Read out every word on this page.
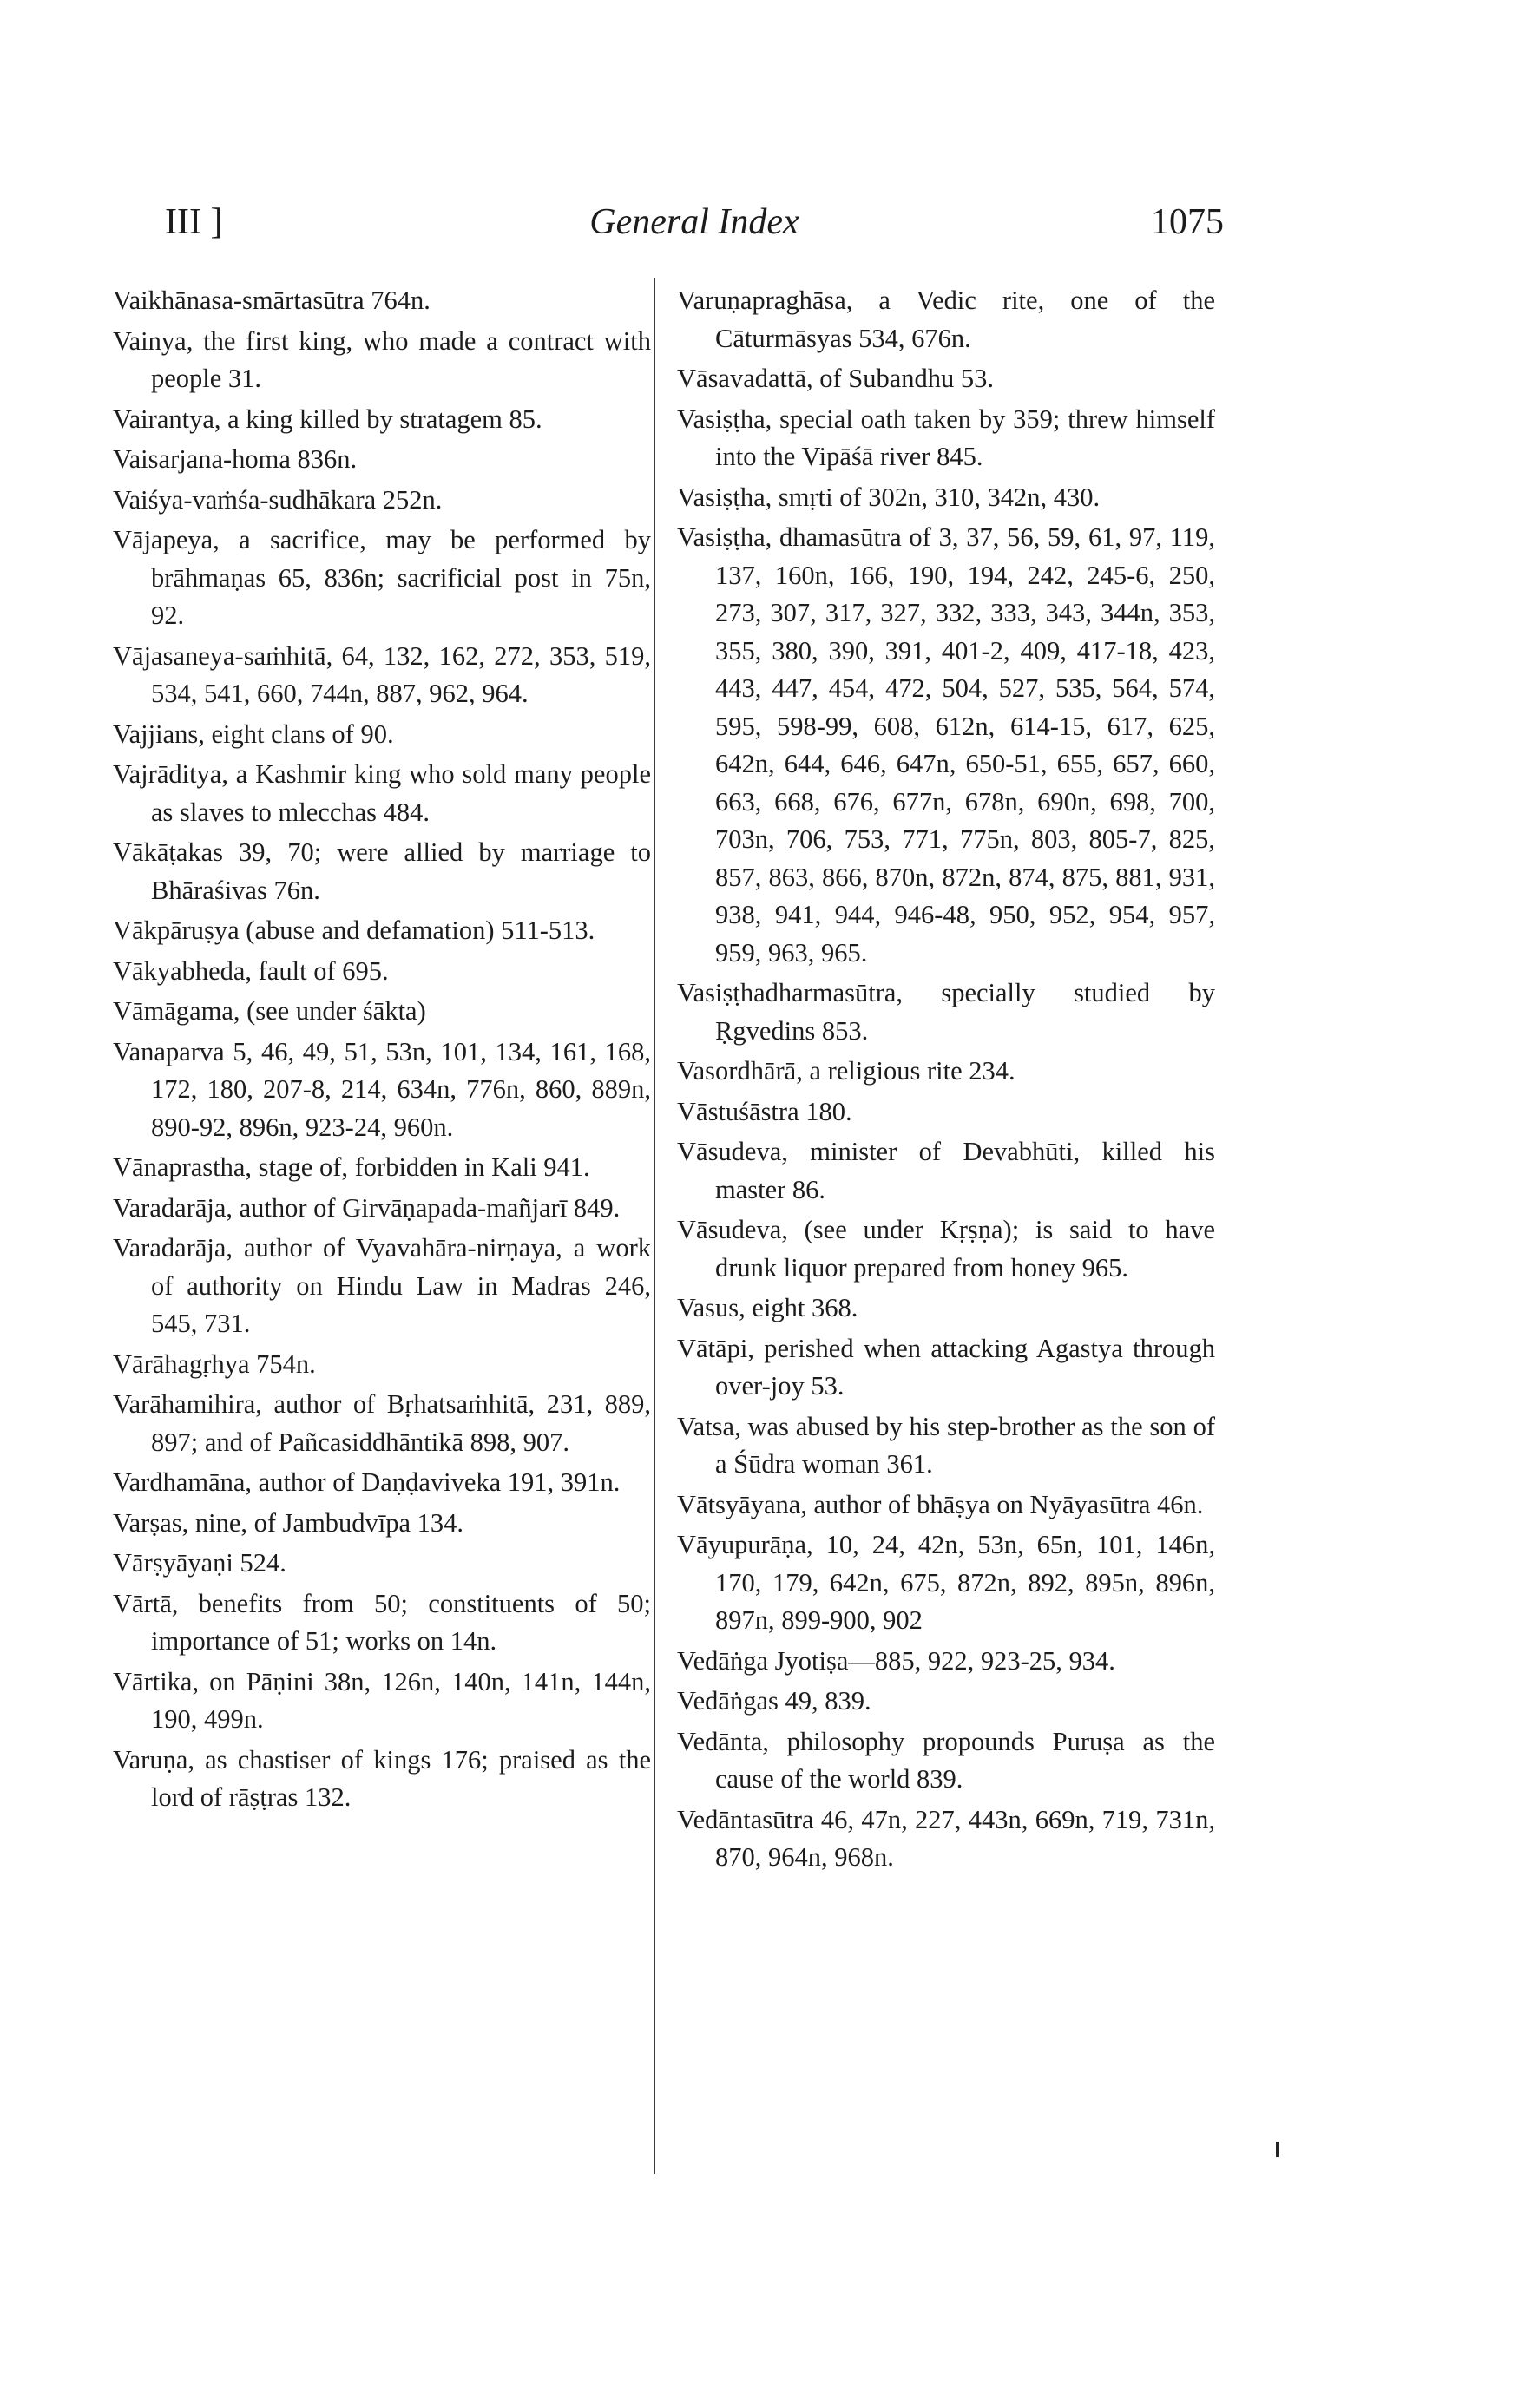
III ]	General Index	1075
Vaikhānasa-smārtasūtra 764n.
Vainya, the first king, who made a contract with people 31.
Vairantya, a king killed by stratagem 85.
Vaisarjana-homa 836n.
Vaiśya-vaṁśa-sudhākara 252n.
Vājapeya, a sacrifice, may be performed by brāhmaṇas 65, 836n; sacrificial post in 75n, 92.
Vājasaneya-saṁhitā, 64, 132, 162, 272, 353, 519, 534, 541, 660, 744n, 887, 962, 964.
Vajjians, eight clans of 90.
Vajrāditya, a Kashmir king who sold many people as slaves to mlecchas 484.
Vākāṭakas 39, 70; were allied by marriage to Bhāraśivas 76n.
Vākpāruṣya (abuse and defamation) 511-513.
Vākyabheda, fault of 695.
Vāmāgama, (see under śākta)
Vanaparva 5, 46, 49, 51, 53n, 101, 134, 161, 168, 172, 180, 207-8, 214, 634n, 776n, 860, 889n, 890-92, 896n, 923-24, 960n.
Vānaprastha, stage of, forbidden in Kali 941.
Varadarāja, author of Girvāṇapada-mañjarī 849.
Varadarāja, author of Vyavahāra-nirṇaya, a work of authority on Hindu Law in Madras 246, 545, 731.
Vārāhagṛhya 754n.
Varāhamihira, author of Bṛhatsaṁhitā, 231, 889, 897; and of Pañcasiddhāntikā 898, 907.
Vardhamāna, author of Daṇḍaviveka 191, 391n.
Varṣas, nine, of Jambudvīpa 134.
Vārṣyāyaṇi 524.
Vārtā, benefits from 50; constituents of 50; importance of 51; works on 14n.
Vārtika, on Pāṇini 38n, 126n, 140n, 141n, 144n, 190, 499n.
Varuṇa, as chastiser of kings 176; praised as the lord of rāṣṭras 132.
Varuṇapraghāsa, a Vedic rite, one of the Cāturmāsyas 534, 676n.
Vāsavadattā, of Subandhu 53.
Vasiṣṭha, special oath taken by 359; threw himself into the Vipāśā river 845.
Vasiṣṭha, smṛti of 302n, 310, 342n, 430.
Vasiṣṭha, dhamasūtra of 3, 37, 56, 59, 61, 97, 119, 137, 160n, 166, 190, 194, 242, 245-6, 250, 273, 307, 317, 327, 332, 333, 343, 344n, 353, 355, 380, 390, 391, 401-2, 409, 417-18, 423, 443, 447, 454, 472, 504, 527, 535, 564, 574, 595, 598-99, 608, 612n, 614-15, 617, 625, 642n, 644, 646, 647n, 650-51, 655, 657, 660, 663, 668, 676, 677n, 678n, 690n, 698, 700, 703n, 706, 753, 771, 775n, 803, 805-7, 825, 857, 863, 866, 870n, 872n, 874, 875, 881, 931, 938, 941, 944, 946-48, 950, 952, 954, 957, 959, 963, 965.
Vasiṣṭhadharmasūtra, specially studied by Ṛgvedins 853.
Vasordhārā, a religious rite 234.
Vāstuśāstra 180.
Vāsudeva, minister of Devabhūti, killed his master 86.
Vāsudeva, (see under Kṛṣṇa); is said to have drunk liquor prepared from honey 965.
Vasus, eight 368.
Vātāpi, perished when attacking Agastya through over-joy 53.
Vatsa, was abused by his step-brother as the son of a Śūdra woman 361.
Vātsyāyana, author of bhāṣya on Nyāyasūtra 46n.
Vāyupurāṇa, 10, 24, 42n, 53n, 65n, 101, 146n, 170, 179, 642n, 675, 872n, 892, 895n, 896n, 897n, 899-900, 902
Vedāṅga Jyotiṣa—885, 922, 923-25, 934.
Vedāṅgas 49, 839.
Vedānta, philosophy propounds Puruṣa as the cause of the world 839.
Vedāntasūtra 46, 47n, 227, 443n, 669n, 719, 731n, 870, 964n, 968n.
